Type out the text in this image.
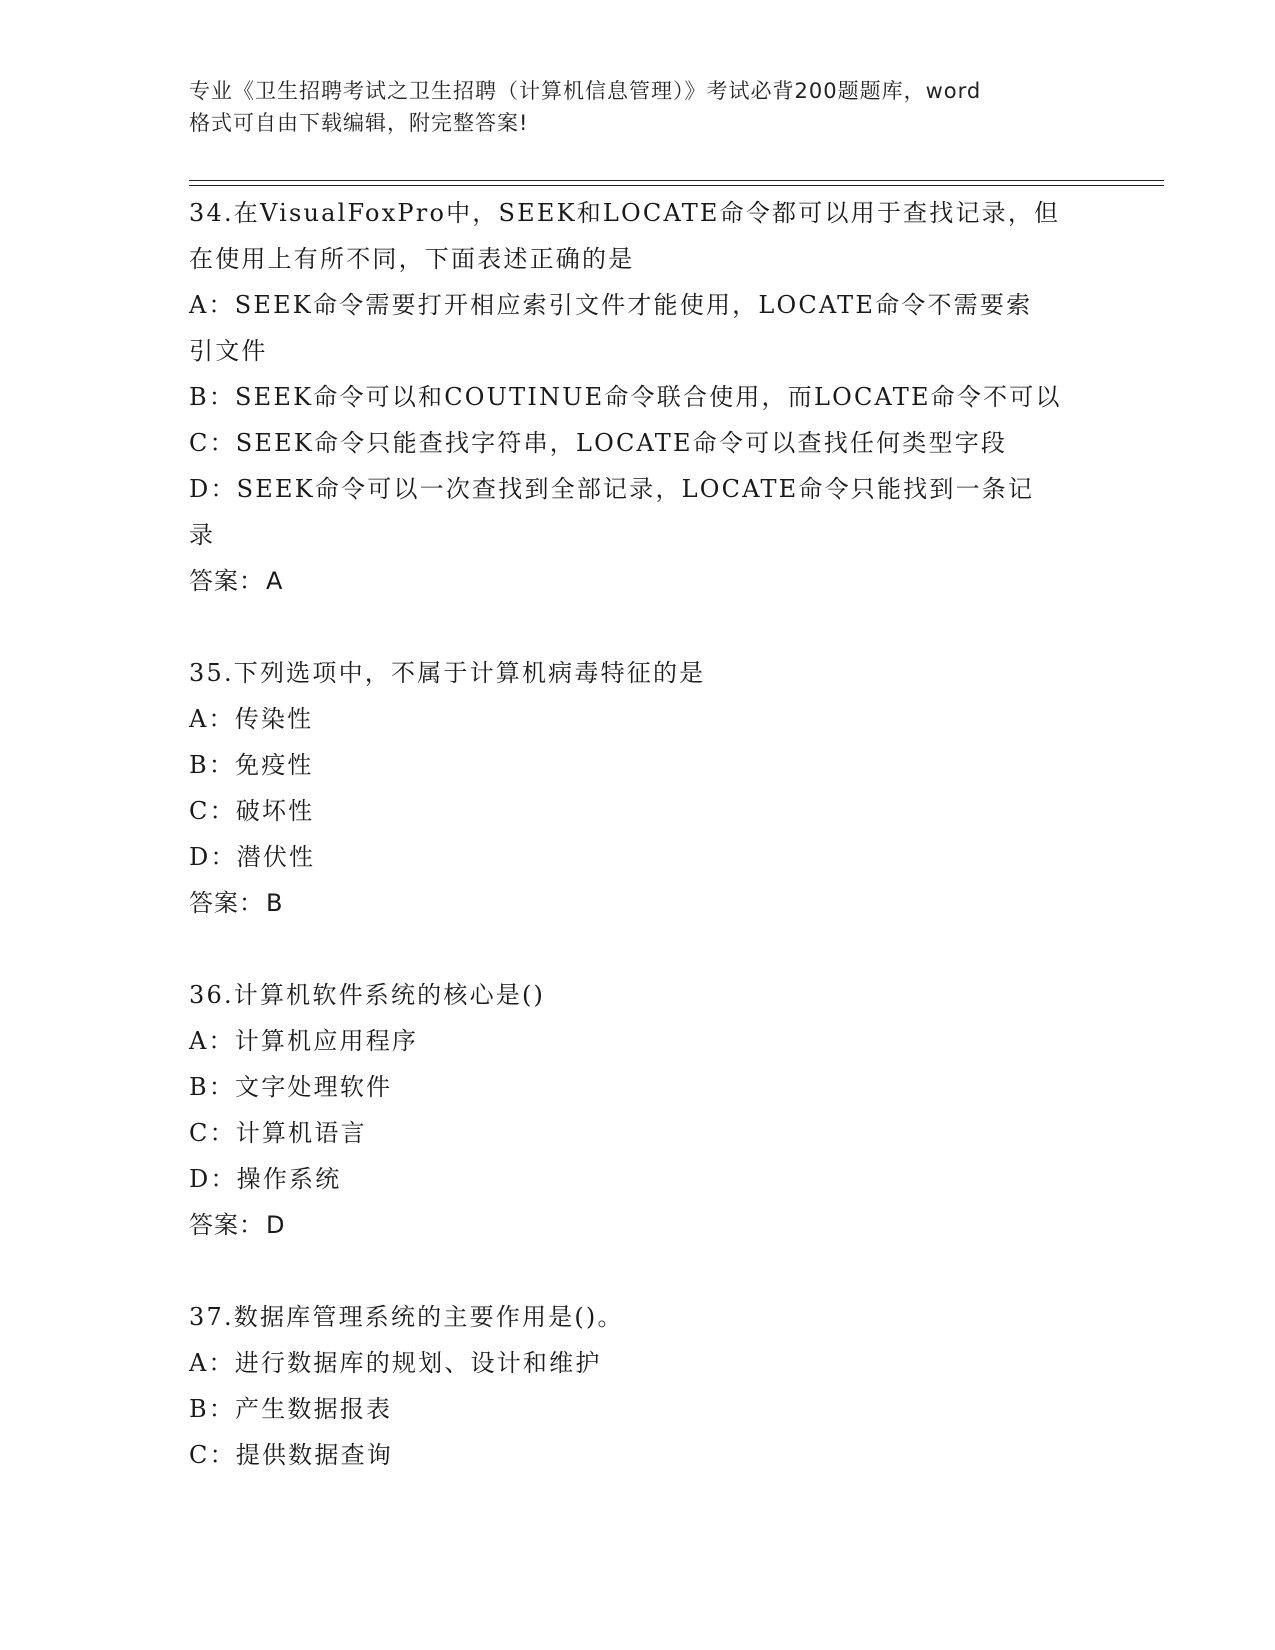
专业《卫生招聘考试之卫生招聘（计算机信息管理）》考试必背200题题库，word
格式可自由下载编辑，附完整答案!
34.在VisualFoxPro中，SEEK和LOCATE命令都可以用于查找记录，但
在使用上有所不同，下面表述正确的是
A：SEEK命令需要打开相应索引文件才能使用，LOCATE命令不需要索
引文件
B：SEEK命令可以和COUTINUE命令联合使用，而LOCATE命令不可以
C：SEEK命令只能查找字符串，LOCATE命令可以查找任何类型字段
D：SEEK命令可以一次查找到全部记录，LOCATE命令只能找到一条记
录
答案：A
35.下列选项中，不属于计算机病毒特征的是
A：传染性
B：免疫性
C：破坏性
D：潜伏性
答案：B
36.计算机软件系统的核心是()
A：计算机应用程序
B：文字处理软件
C：计算机语言
D：操作系统
答案：D
37.数据库管理系统的主要作用是()。
A：进行数据库的规划、设计和维护
B：产生数据报表
C：提供数据查询
